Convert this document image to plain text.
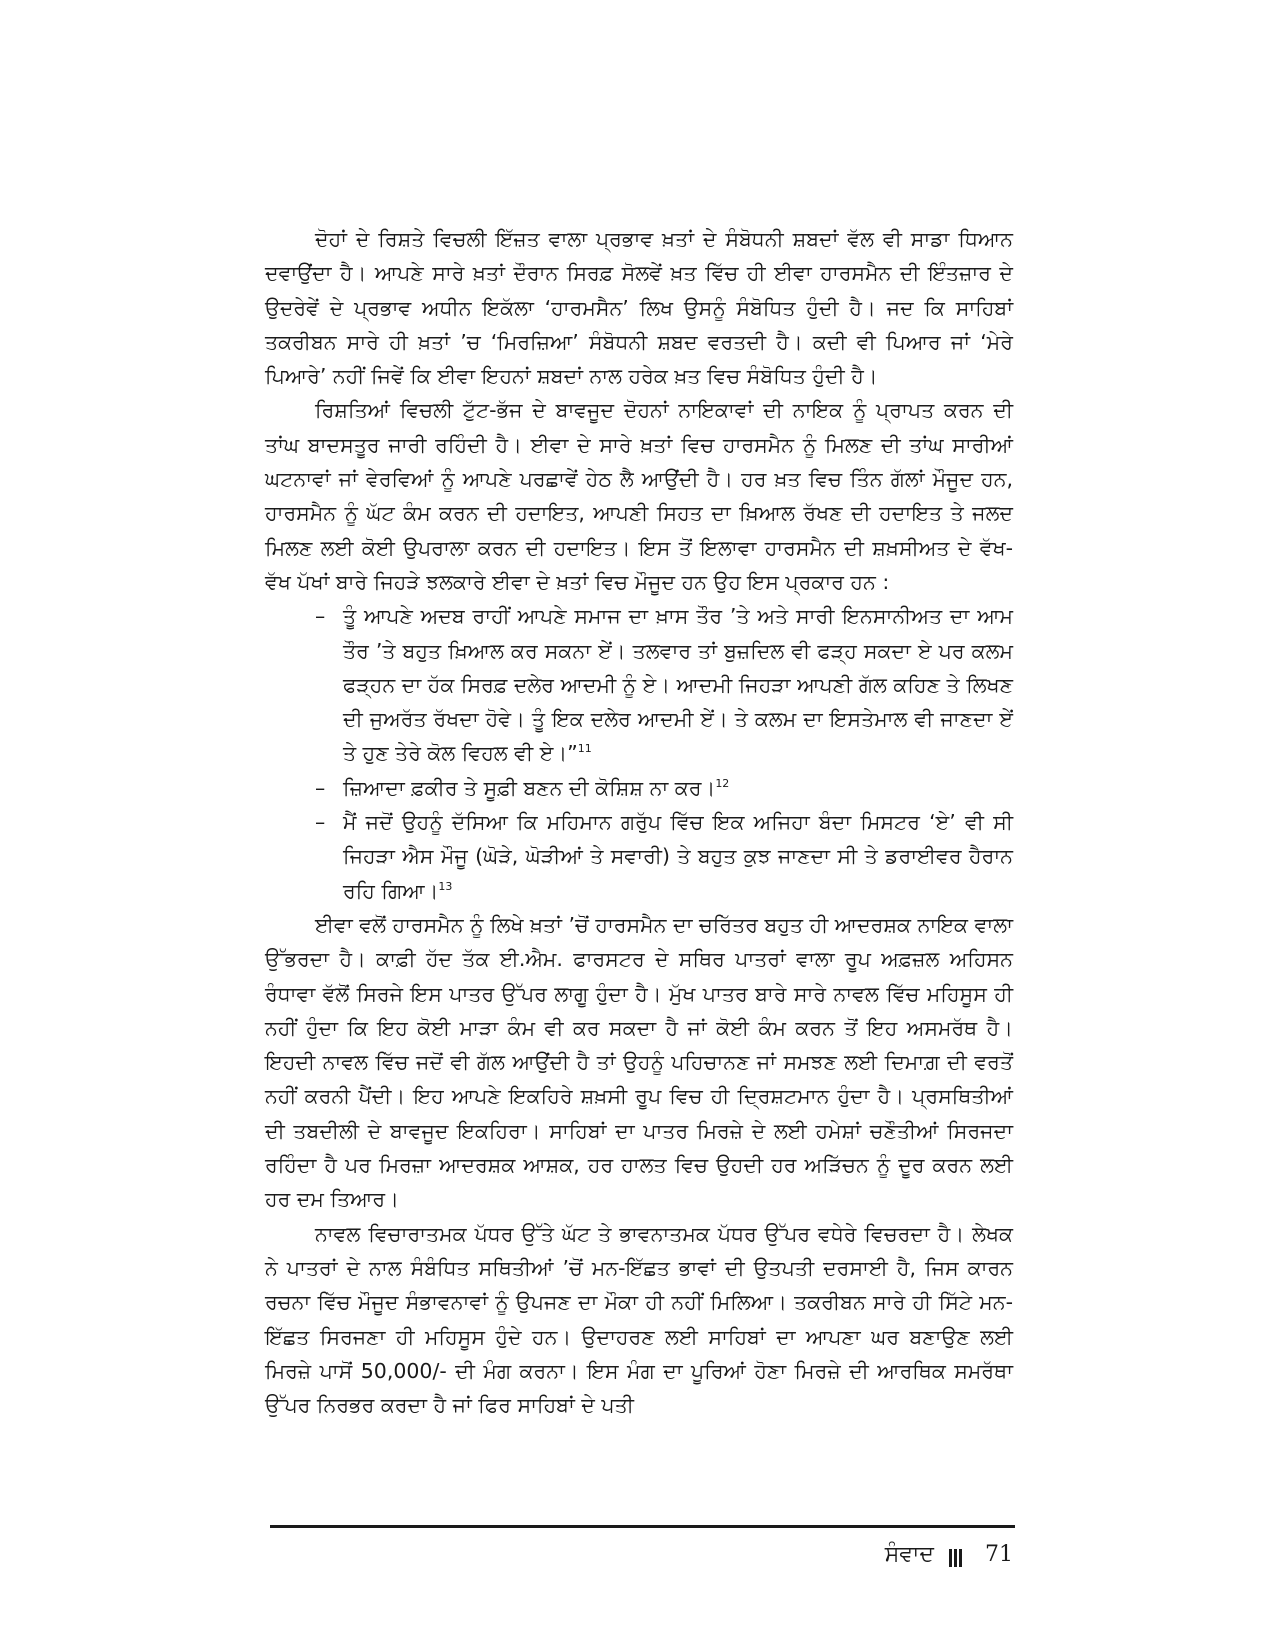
ਦੋਹਾਂ ਦੇ ਰਿਸ਼ਤੇ ਵਿਚਲੀ ਇੱਜ਼ਤ ਵਾਲਾ ਪ੍ਰਭਾਵ ਖ਼ਤਾਂ ਦੇ ਸੰਬੋਧਨੀ ਸ਼ਬਦਾਂ ਵੱਲ ਵੀ ਸਾਡਾ ਧਿਆਨ ਦਵਾਉਂਦਾ ਹੈ। ਆਪਣੇ ਸਾਰੇ ਖ਼ਤਾਂ ਦੌਰਾਨ ਸਿਰਫ਼ ਸੋਲਵੇਂ ਖ਼ਤ ਵਿੱਚ ਹੀ ਈਵਾ ਹਾਰਸਮੈਨ ਦੀ ਇੰਤਜ਼ਾਰ ਦੇ ਉਦਰੇਵੇਂ ਦੇ ਪ੍ਰਭਾਵ ਅਧੀਨ ਇਕੱਲਾ ‘ਹਾਰਮਸੈਨ’ ਲਿਖ ਉਸਨੂੰ ਸੰਬੋਧਿਤ ਹੁੰਦੀ ਹੈ। ਜਦ ਕਿ ਸਾਹਿਬਾਂ ਤਕਰੀਬਨ ਸਾਰੇ ਹੀ ਖ਼ਤਾਂ ’ਚ ‘ਮਿਰਜ਼ਿਆ’ ਸੰਬੋਧਨੀ ਸ਼ਬਦ ਵਰਤਦੀ ਹੈ। ਕਦੀ ਵੀ ਪਿਆਰ ਜਾਂ ‘ਮੇਰੇ ਪਿਆਰੇ’ ਨਹੀਂ ਜਿਵੇਂ ਕਿ ਈਵਾ ਇਹਨਾਂ ਸ਼ਬਦਾਂ ਨਾਲ ਹਰੇਕ ਖ਼ਤ ਵਿਚ ਸੰਬੋਧਿਤ ਹੁੰਦੀ ਹੈ।

ਰਿਸ਼ਤਿਆਂ ਵਿਚਲੀ ਟੁੱਟ-ਭੱਜ ਦੇ ਬਾਵਜੂਦ ਦੋਹਨਾਂ ਨਾਇਕਾਵਾਂ ਦੀ ਨਾਇਕ ਨੂੰ ਪ੍ਰਾਪਤ ਕਰਨ ਦੀ ਤਾਂਘ ਬਾਦਸਤੂਰ ਜਾਰੀ ਰਹਿੰਦੀ ਹੈ। ਈਵਾ ਦੇ ਸਾਰੇ ਖ਼ਤਾਂ ਵਿਚ ਹਾਰਸਮੈਨ ਨੂੰ ਮਿਲਣ ਦੀ ਤਾਂਘ ਸਾਰੀਆਂ ਘਟਨਾਵਾਂ ਜਾਂ ਵੇਰਵਿਆਂ ਨੂੰ ਆਪਣੇ ਪਰਛਾਵੇਂ ਹੇਠ ਲੈ ਆਉਂਦੀ ਹੈ। ਹਰ ਖ਼ਤ ਵਿਚ ਤਿੰਨ ਗੱਲਾਂ ਮੌਜੂਦ ਹਨ, ਹਾਰਸਮੈਨ ਨੂੰ ਘੱਟ ਕੰਮ ਕਰਨ ਦੀ ਹਦਾਇਤ, ਆਪਣੀ ਸਿਹਤ ਦਾ ਖ਼ਿਆਲ ਰੱਖਣ ਦੀ ਹਦਾਇਤ ਤੇ ਜਲਦ ਮਿਲਣ ਲਈ ਕੋਈ ਉਪਰਾਲਾ ਕਰਨ ਦੀ ਹਦਾਇਤ। ਇਸ ਤੋਂ ਇਲਾਵਾ ਹਾਰਸਮੈਨ ਦੀ ਸ਼ਖ਼ਸੀਅਤ ਦੇ ਵੱਖ-ਵੱਖ ਪੱਖਾਂ ਬਾਰੇ ਜਿਹੜੇ ਝਲਕਾਰੇ ਈਵਾ ਦੇ ਖ਼ਤਾਂ ਵਿਚ ਮੌਜੂਦ ਹਨ ਉਹ ਇਸ ਪ੍ਰਕਾਰ ਹਨ :

– ਤੂੰ ਆਪਣੇ ਅਦਬ ਰਾਹੀਂ ਆਪਣੇ ਸਮਾਜ ਦਾ ਖ਼ਾਸ ਤੌਰ ’ਤੇ ਅਤੇ ਸਾਰੀ ਇਨਸਾਨੀਅਤ ਦਾ ਆਮ ਤੌਰ ’ਤੇ ਬਹੁਤ ਖ਼ਿਆਲ ਕਰ ਸਕਨਾ ਏਂ। ਤਲਵਾਰ ਤਾਂ ਬੁਜ਼ਦਿਲ ਵੀ ਫੜ੍ਹ ਸਕਦਾ ਏ ਪਰ ਕਲਮ ਫੜ੍ਹਨ ਦਾ ਹੱਕ ਸਿਰਫ਼ ਦਲੇਰ ਆਦਮੀ ਨੂੰ ਏ। ਆਦਮੀ ਜਿਹੜਾ ਆਪਣੀ ਗੱਲ ਕਹਿਣ ਤੇ ਲਿਖਣ ਦੀ ਜੁਅਰੱਤ ਰੱਖਦਾ ਹੋਵੇ। ਤੂੰ ਇਕ ਦਲੇਰ ਆਦਮੀ ਏਂ। ਤੇ ਕਲਮ ਦਾ ਇਸਤੇਮਾਲ ਵੀ ਜਾਣਦਾ ਏਂ ਤੇ ਹੁਣ ਤੇਰੇ ਕੋਲ ਵਿਹਲ ਵੀ ਏ।”$^{11}$
– ਜ਼ਿਆਦਾ ਫ਼ਕੀਰ ਤੇ ਸੂਫ਼ੀ ਬਣਨ ਦੀ ਕੋਸ਼ਿਸ਼ ਨਾ ਕਰ।$^{12}$
– ਮੈਂ ਜਦੋਂ ਉਹਨੂੰ ਦੱਸਿਆ ਕਿ ਮਹਿਮਾਨ ਗਰੁੱਪ ਵਿੱਚ ਇਕ ਅਜਿਹਾ ਬੰਦਾ ਮਿਸਟਰ ‘ਏ’ ਵੀ ਸੀ ਜਿਹੜਾ ਐਸ ਮੌਜੂ (ਘੋੜੇ, ਘੋੜੀਆਂ ਤੇ ਸਵਾਰੀ) ਤੇ ਬਹੁਤ ਕੁਝ ਜਾਣਦਾ ਸੀ ਤੇ ਡਰਾਈਵਰ ਹੈਰਾਨ ਰਹਿ ਗਿਆ।$^{13}$

ਈਵਾ ਵਲੋਂ ਹਾਰਸਮੈਨ ਨੂੰ ਲਿਖੇ ਖ਼ਤਾਂ ’ਚੋਂ ਹਾਰਸਮੈਨ ਦਾ ਚਰਿੱਤਰ ਬਹੁਤ ਹੀ ਆਦਰਸ਼ਕ ਨਾਇਕ ਵਾਲਾ ਉੱਭਰਦਾ ਹੈ। ਕਾਫ਼ੀ ਹੱਦ ਤੱਕ ਈ.ਐਮ. ਫਾਰਸਟਰ ਦੇ ਸਥਿਰ ਪਾਤਰਾਂ ਵਾਲਾ ਰੂਪ ਅਫ਼ਜ਼ਲ ਅਹਿਸਨ ਰੰਧਾਵਾ ਵੱਲੋਂ ਸਿਰਜੇ ਇਸ ਪਾਤਰ ਉੱਪਰ ਲਾਗੂ ਹੁੰਦਾ ਹੈ। ਮੁੱਖ ਪਾਤਰ ਬਾਰੇ ਸਾਰੇ ਨਾਵਲ ਵਿੱਚ ਮਹਿਸੂਸ ਹੀ ਨਹੀਂ ਹੁੰਦਾ ਕਿ ਇਹ ਕੋਈ ਮਾੜਾ ਕੰਮ ਵੀ ਕਰ ਸਕਦਾ ਹੈ ਜਾਂ ਕੋਈ ਕੰਮ ਕਰਨ ਤੋਂ ਇਹ ਅਸਮਰੱਥ ਹੈ। ਇਹਦੀ ਨਾਵਲ ਵਿੱਚ ਜਦੋਂ ਵੀ ਗੱਲ ਆਉਂਦੀ ਹੈ ਤਾਂ ਉਹਨੂੰ ਪਹਿਚਾਨਣ ਜਾਂ ਸਮਝਣ ਲਈ ਦਿਮਾਗ਼ ਦੀ ਵਰਤੋਂ ਨਹੀਂ ਕਰਨੀ ਪੈਂਦੀ। ਇਹ ਆਪਣੇ ਇਕਹਿਰੇ ਸ਼ਖ਼ਸੀ ਰੂਪ ਵਿਚ ਹੀ ਦ੍ਰਿਸ਼ਟਮਾਨ ਹੁੰਦਾ ਹੈ। ਪ੍ਰਸਥਿਤੀਆਂ ਦੀ ਤਬਦੀਲੀ ਦੇ ਬਾਵਜੂਦ ਇਕਹਿਰਾ। ਸਾਹਿਬਾਂ ਦਾ ਪਾਤਰ ਮਿਰਜ਼ੇ ਦੇ ਲਈ ਹਮੇਸ਼ਾਂ ਚਣੌਤੀਆਂ ਸਿਰਜਦਾ ਰਹਿੰਦਾ ਹੈ ਪਰ ਮਿਰਜ਼ਾ ਆਦਰਸ਼ਕ ਆਸ਼ਕ, ਹਰ ਹਾਲਤ ਵਿਚ ਉਹਦੀ ਹਰ ਅੜਿੱਚਨ ਨੂੰ ਦੂਰ ਕਰਨ ਲਈ ਹਰ ਦਮ ਤਿਆਰ।

ਨਾਵਲ ਵਿਚਾਰਾਤਮਕ ਪੱਧਰ ਉੱਤੇ ਘੱਟ ਤੇ ਭਾਵਨਾਤਮਕ ਪੱਧਰ ਉੱਪਰ ਵਧੇਰੇ ਵਿਚਰਦਾ ਹੈ। ਲੇਖਕ ਨੇ ਪਾਤਰਾਂ ਦੇ ਨਾਲ ਸੰਬੰਧਿਤ ਸਥਿਤੀਆਂ ’ਚੋਂ ਮਨ-ਇੱਛਤ ਭਾਵਾਂ ਦੀ ਉਤਪਤੀ ਦਰਸਾਈ ਹੈ, ਜਿਸ ਕਾਰਨ ਰਚਨਾ ਵਿੱਚ ਮੌਜੂਦ ਸੰਭਾਵਨਾਵਾਂ ਨੂੰ ਉਪਜਣ ਦਾ ਮੌਕਾ ਹੀ ਨਹੀਂ ਮਿਲਿਆ। ਤਕਰੀਬਨ ਸਾਰੇ ਹੀ ਸਿੱਟੇ ਮਨ-ਇੱਛਤ ਸਿਰਜਣਾ ਹੀ ਮਹਿਸੂਸ ਹੁੰਦੇ ਹਨ। ਉਦਾਹਰਣ ਲਈ ਸਾਹਿਬਾਂ ਦਾ ਆਪਣਾ ਘਰ ਬਣਾਉਣ ਲਈ ਮਿਰਜ਼ੇ ਪਾਸੋਂ 50,000/- ਦੀ ਮੰਗ ਕਰਨਾ। ਇਸ ਮੰਗ ਦਾ ਪੂਰਿਆਂ ਹੋਣਾ ਮਿਰਜ਼ੇ ਦੀ ਆਰਥਿਕ ਸਮਰੱਥਾ ਉੱਪਰ ਨਿਰਭਰ ਕਰਦਾ ਹੈ ਜਾਂ ਫਿਰ ਸਾਹਿਬਾਂ ਦੇ ਪਤੀ

ਸੰਵਾਦ 71
